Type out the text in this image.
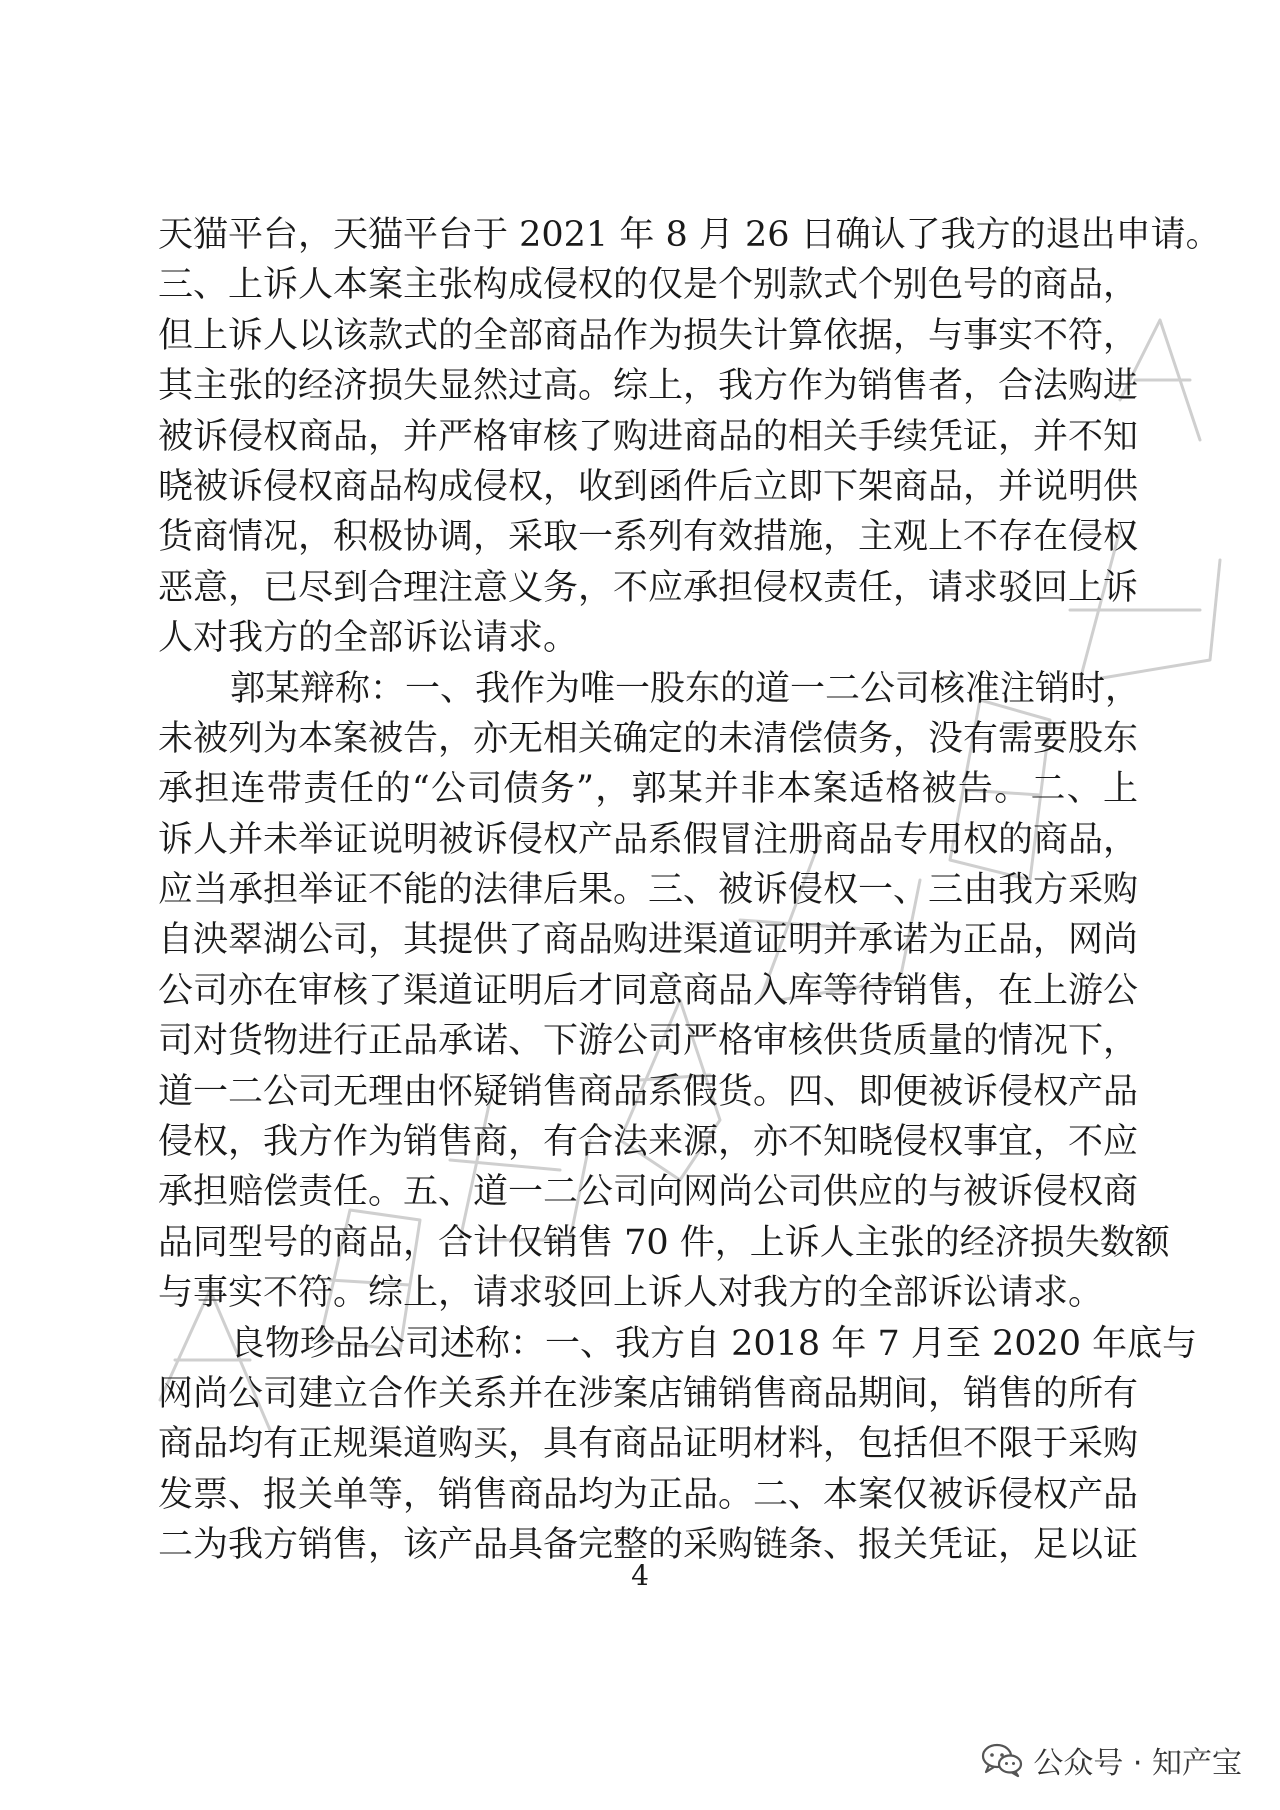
天猫平台，天猫平台于 2021 年 8 月 26 日确认了我方的退出申请。
三、上诉人本案主张构成侵权的仅是个别款式个别色号的商品，
但上诉人以该款式的全部商品作为损失计算依据，与事实不符，
其主张的经济损失显然过高。综上，我方作为销售者，合法购进
被诉侵权商品，并严格审核了购进商品的相关手续凭证，并不知
晓被诉侵权商品构成侵权，收到函件后立即下架商品，并说明供
货商情况，积极协调，采取一系列有效措施，主观上不存在侵权
恶意，已尽到合理注意义务，不应承担侵权责任，请求驳回上诉
人对我方的全部诉讼请求。
郭某辩称：一、我作为唯一股东的道一二公司核准注销时，
未被列为本案被告，亦无相关确定的未清偿债务，没有需要股东
承担连带责任的“公司债务”，郭某并非本案适格被告。二、上
诉人并未举证说明被诉侵权产品系假冒注册商品专用权的商品，
应当承担举证不能的法律后果。三、被诉侵权一、三由我方采购
自泱翠湖公司，其提供了商品购进渠道证明并承诺为正品，网尚
公司亦在审核了渠道证明后才同意商品入库等待销售，在上游公
司对货物进行正品承诺、下游公司严格审核供货质量的情况下，
道一二公司无理由怀疑销售商品系假货。四、即便被诉侵权产品
侵权，我方作为销售商，有合法来源，亦不知晓侵权事宜，不应
承担赔偿责任。五、道一二公司向网尚公司供应的与被诉侵权商
品同型号的商品，合计仅销售 70 件，上诉人主张的经济损失数额
与事实不符。综上，请求驳回上诉人对我方的全部诉讼请求。
良物珍品公司述称：一、我方自 2018 年 7 月至 2020 年底与
网尚公司建立合作关系并在涉案店铺销售商品期间，销售的所有
商品均有正规渠道购买，具有商品证明材料，包括但不限于采购
发票、报关单等，销售商品均为正品。二、本案仅被诉侵权产品
二为我方销售，该产品具备完整的采购链条、报关凭证，足以证
4
公众号 · 知产宝
